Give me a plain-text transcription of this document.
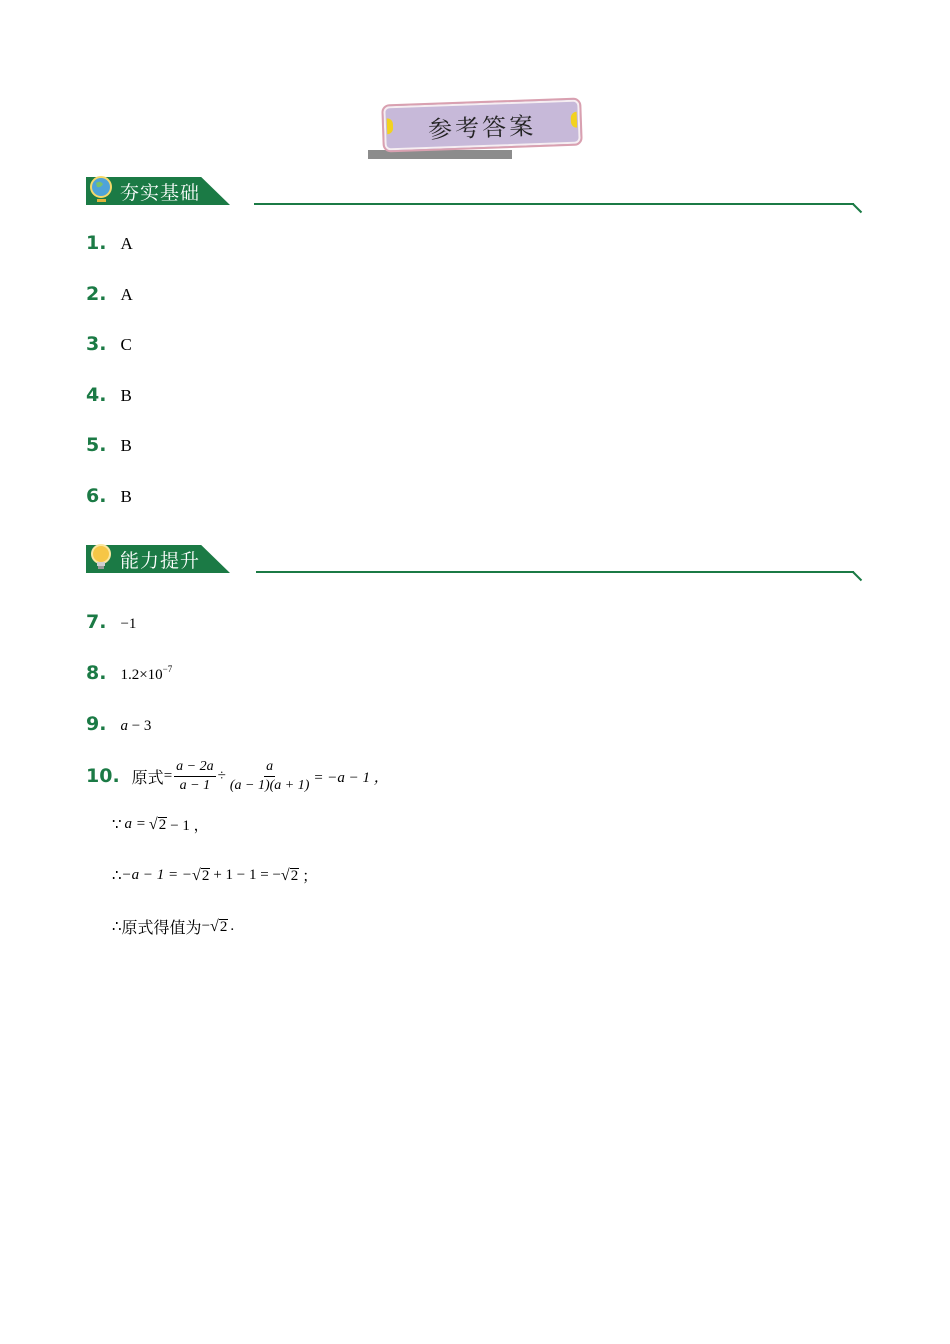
参考答案
夯实基础
1. A
2. A
3. C
4. B
5. B
6. B
能力提升
7. −1
8. $1.2\times 10^{-7}$
9. a − 3
10. 原式 = $\frac{a - 2a}{a - 1} \div \frac{a}{(a - 1)(a + 1)} = -a - 1$ ，
∵ a = √ 2 − 1 ，
∴ −a − 1 = − √ 2 + 1 − 1 = − √ 2 ；
∴ 原式得值为 − √ 2 .
